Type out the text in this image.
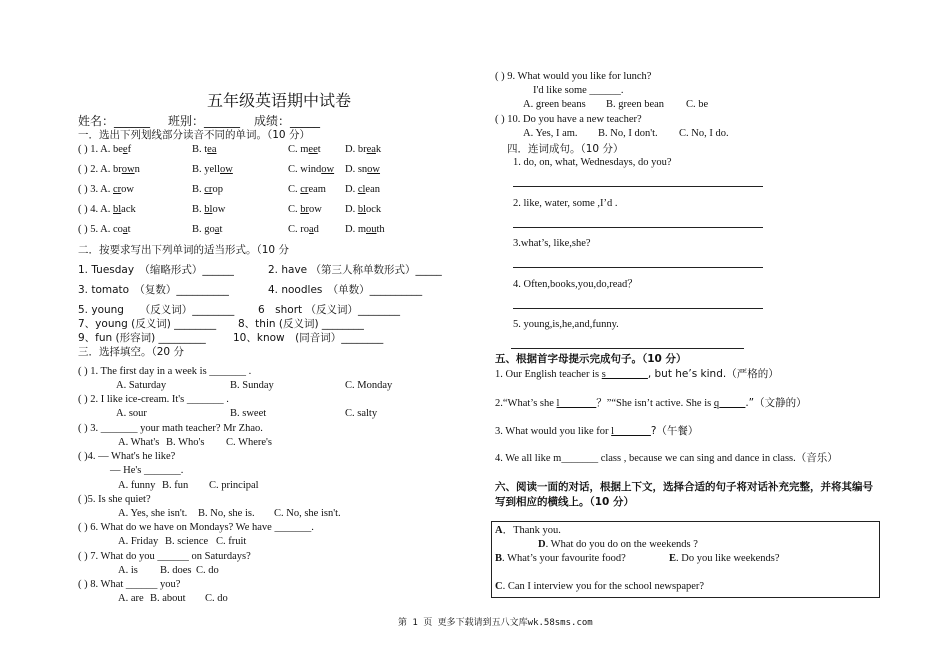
五年级英语期中试卷
姓名：______ 班别：______ 成绩：_____
一．选出下列划线部分读音不同的单词。（10 分）
( ) 1. A. beef	B. tea	C. meet D. break
( ) 2. A. brown	B. yellow	C. window D. snow
( ) 3. A. crow	B. crop	C. cream D. clean
( ) 4. A. black	B. blow	C. brow D. block
( ) 5. A. coat	B. goat	C. road D. mouth
二．按要求写出下列单词的适当形式。（10 分
1. Tuesday　（缩略形式）______	2. have （第三人称单数形式）_____
3. tomato　（复数）__________	4. noodles　（单数）__________
5. young　　（反义词）________ 6　short （反义词）________
7、young (反义词) ________ 8、thin (反义词) ________
9、fun (形容词) _________	10、know　(同音词）________
三．选择填空。（20 分
( ) 1. The first day in a week is _______ .
A. Saturday	B. Sunday	C. Monday
( ) 2. I like ice-cream. It's _______ .
A. sour	B. sweet	C. salty
( ) 3. _______ your math teacher? Mr Zhao.
A. What's B. Who's C. Where's
( )4. — What's he like?
— He's _______.
A. funny B. fun C. principal
( )5. Is she quiet?
A. Yes, she isn't. B. No, she is. C. No, she isn't.
( ) 6. What do we have on Mondays? We have _______.
A. Friday B. science C. fruit
( ) 7. What do you ______ on Saturdays?
A. is B. does C. do
( ) 8. What ______ you?
A. are B. about C. do
( ) 9. What would you like for lunch?
I'd like some ______.
A. green beans B. green bean C. be
( ) 10. Do you have a new teacher?
A. Yes, I am. B. No, I don't. C. No, I do.
四．连词成句。（10 分）
1. do, on, what, Wednesdays, do you?
2. like, water, some ,I’d .
3.what’s, like,she?
4. Often,books,you,do,read？
5. young,is,he,and,funny.
五、根据首字母提示完成句子。（10 分）
1. Our English teacher is s________, but he’s kind.（严格的）
2.“What’s she l_______？”“She isn’t active. She is q_____.”（文静的）
3. What would you like for l_______?（午餐）
4. We all like m_______ class , because we can sing and dance in class.（音乐）
六、阅读一面的对话，根据上下文，选择合适的句子将对话补充完整，并将其编号
写到相应的横线上。（10 分）
A．Thank you.
D. What do you do on the weekends ?
B. What’s your favourite food?	E. Do you like weekends?
C. Can I interview you for the school newspaper?
第 1 页 更多下载请到五八文库wk.58sms.com
